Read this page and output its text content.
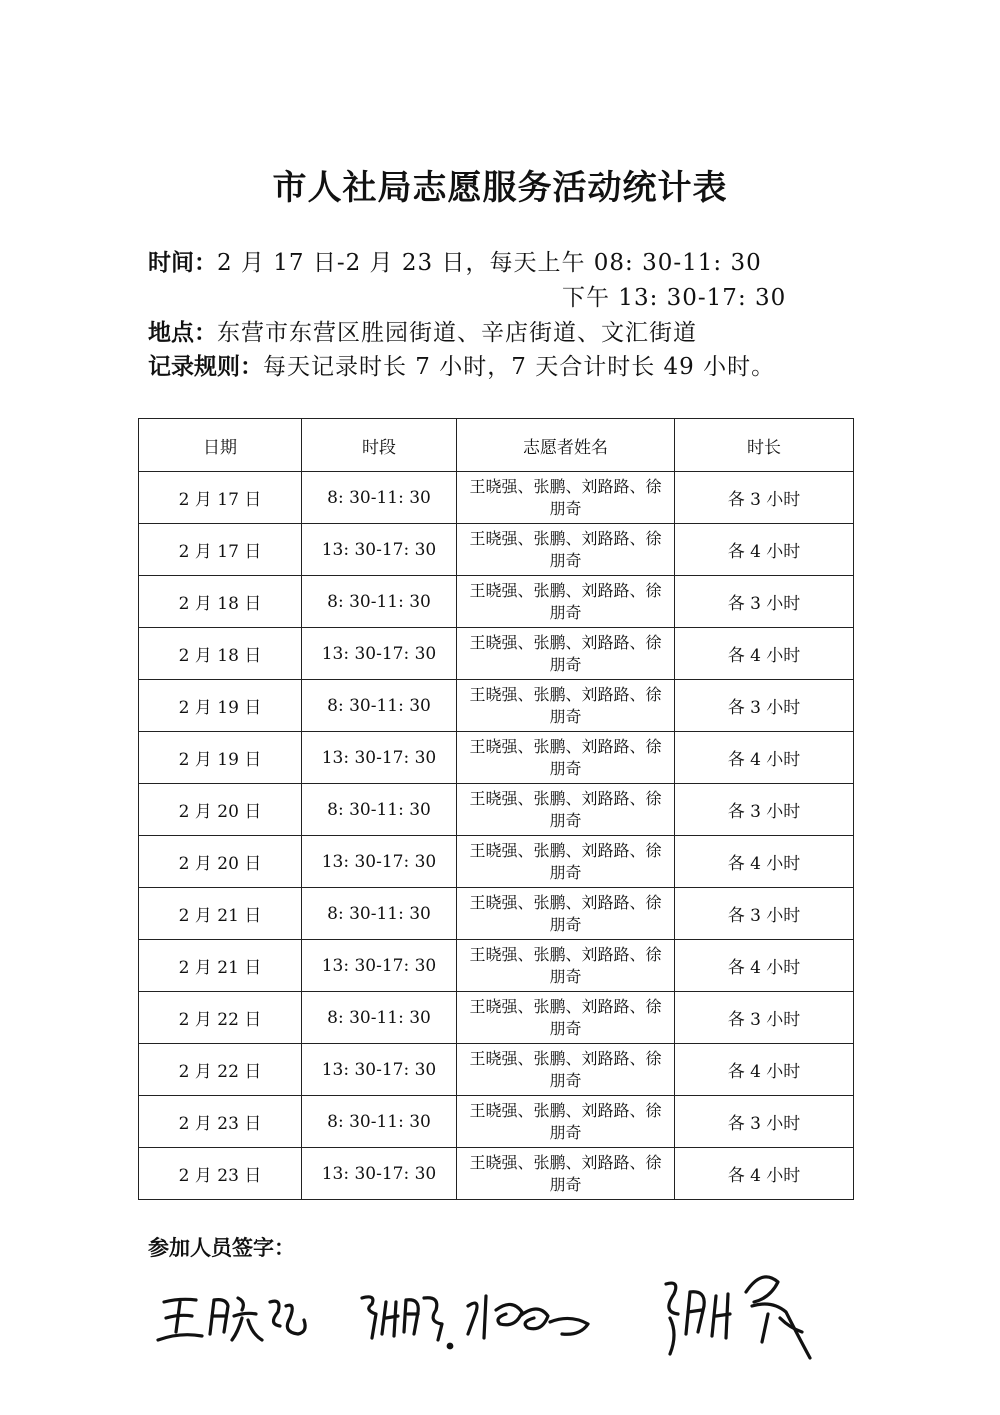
市人社局志愿服务活动统计表
时间：2 月 17 日-2 月 23 日，每天上午 08: 30-11: 30
下午 13: 30-17: 30
地点：东营市东营区胜园街道、辛店街道、文汇街道
记录规则：每天记录时长 7 小时，7 天合计时长 49 小时。
日期	时段	志愿者姓名	时长
2 月 17 日	8: 30-11: 30	王晓强、张鹏、刘路路、徐朋奇	各 3 小时
2 月 17 日	13: 30-17: 30	王晓强、张鹏、刘路路、徐朋奇	各 4 小时
2 月 18 日	8: 30-11: 30	王晓强、张鹏、刘路路、徐朋奇	各 3 小时
2 月 18 日	13: 30-17: 30	王晓强、张鹏、刘路路、徐朋奇	各 4 小时
2 月 19 日	8: 30-11: 30	王晓强、张鹏、刘路路、徐朋奇	各 3 小时
2 月 19 日	13: 30-17: 30	王晓强、张鹏、刘路路、徐朋奇	各 4 小时
2 月 20 日	8: 30-11: 30	王晓强、张鹏、刘路路、徐朋奇	各 3 小时
2 月 20 日	13: 30-17: 30	王晓强、张鹏、刘路路、徐朋奇	各 4 小时
2 月 21 日	8: 30-11: 30	王晓强、张鹏、刘路路、徐朋奇	各 3 小时
2 月 21 日	13: 30-17: 30	王晓强、张鹏、刘路路、徐朋奇	各 4 小时
2 月 22 日	8: 30-11: 30	王晓强、张鹏、刘路路、徐朋奇	各 3 小时
2 月 22 日	13: 30-17: 30	王晓强、张鹏、刘路路、徐朋奇	各 4 小时
2 月 23 日	8: 30-11: 30	王晓强、张鹏、刘路路、徐朋奇	各 3 小时
2 月 23 日	13: 30-17: 30	王晓强、张鹏、刘路路、徐朋奇	各 4 小时
参加人员签字：
